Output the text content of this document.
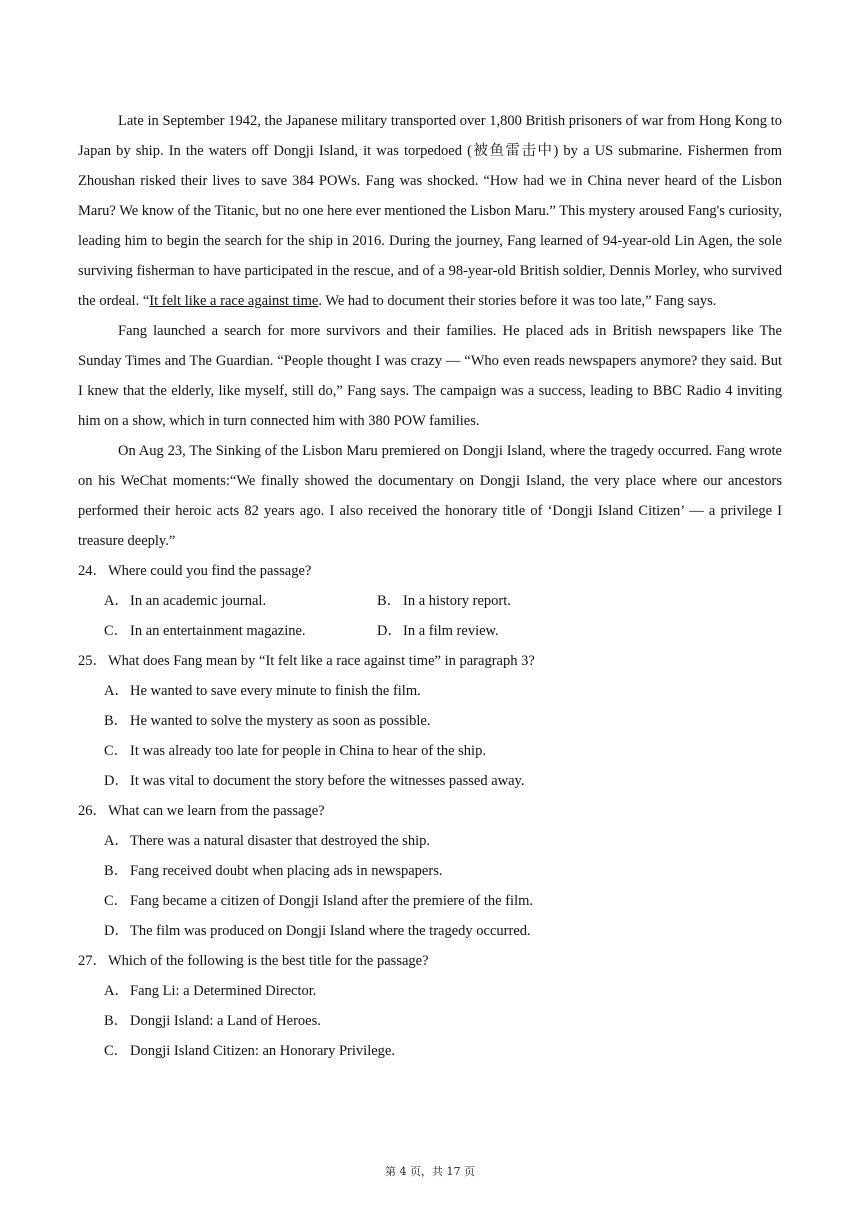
Late in September 1942, the Japanese military transported over 1,800 British prisoners of war from Hong Kong to Japan by ship. In the waters off Dongji Island, it was torpedoed (被鱼雷击中) by a US submarine. Fishermen from Zhoushan risked their lives to save 384 POWs. Fang was shocked. “How had we in China never heard of the Lisbon Maru? We know of the Titanic, but no one here ever mentioned the Lisbon Maru.” This mystery aroused Fang's curiosity, leading him to begin the search for the ship in 2016. During the journey, Fang learned of 94-year-old Lin Agen, the sole surviving fisherman to have participated in the rescue, and of a 98-year-old British soldier, Dennis Morley, who survived the ordeal. “It felt like a race against time. We had to document their stories before it was too late,” Fang says.

Fang launched a search for more survivors and their families. He placed ads in British newspapers like The Sunday Times and The Guardian. “People thought I was crazy — “Who even reads newspapers anymore? they said. But I knew that the elderly, like myself, still do,” Fang says. The campaign was a success, leading to BBC Radio 4 inviting him on a show, which in turn connected him with 380 POW families.

On Aug 23, The Sinking of the Lisbon Maru premiered on Dongji Island, where the tragedy occurred. Fang wrote on his WeChat moments:“We finally showed the documentary on Dongji Island, the very place where our ancestors performed their heroic acts 82 years ago. I also received the honorary title of ‘Dongji Island Citizen’ — a privilege I treasure deeply.”

24．Where could you find the passage?

A．In an academic journal.	B． In a history report.
C． In an entertainment magazine.	D．In a film review.

25．What does Fang mean by “It felt like a race against time” in paragraph 3?

A．He wanted to save every minute to finish the film.

B． He wanted to solve the mystery as soon as possible.

C． It was already too late for people in China to hear of the ship.

D．It was vital to document the story before the witnesses passed away.

26．What can we learn from the passage?

A．There was a natural disaster that destroyed the ship.

B． Fang received doubt when placing ads in newspapers.

C． Fang became a citizen of Dongji Island after the premiere of the film.

D．The film was produced on Dongji Island where the tragedy occurred.

27．Which of the following is the best title for the passage?

A．Fang Li: a Determined Director.

B． Dongji Island: a Land of Heroes.

C． Dongji Island Citizen: an Honorary Privilege.

第 4 页，共 17 页
